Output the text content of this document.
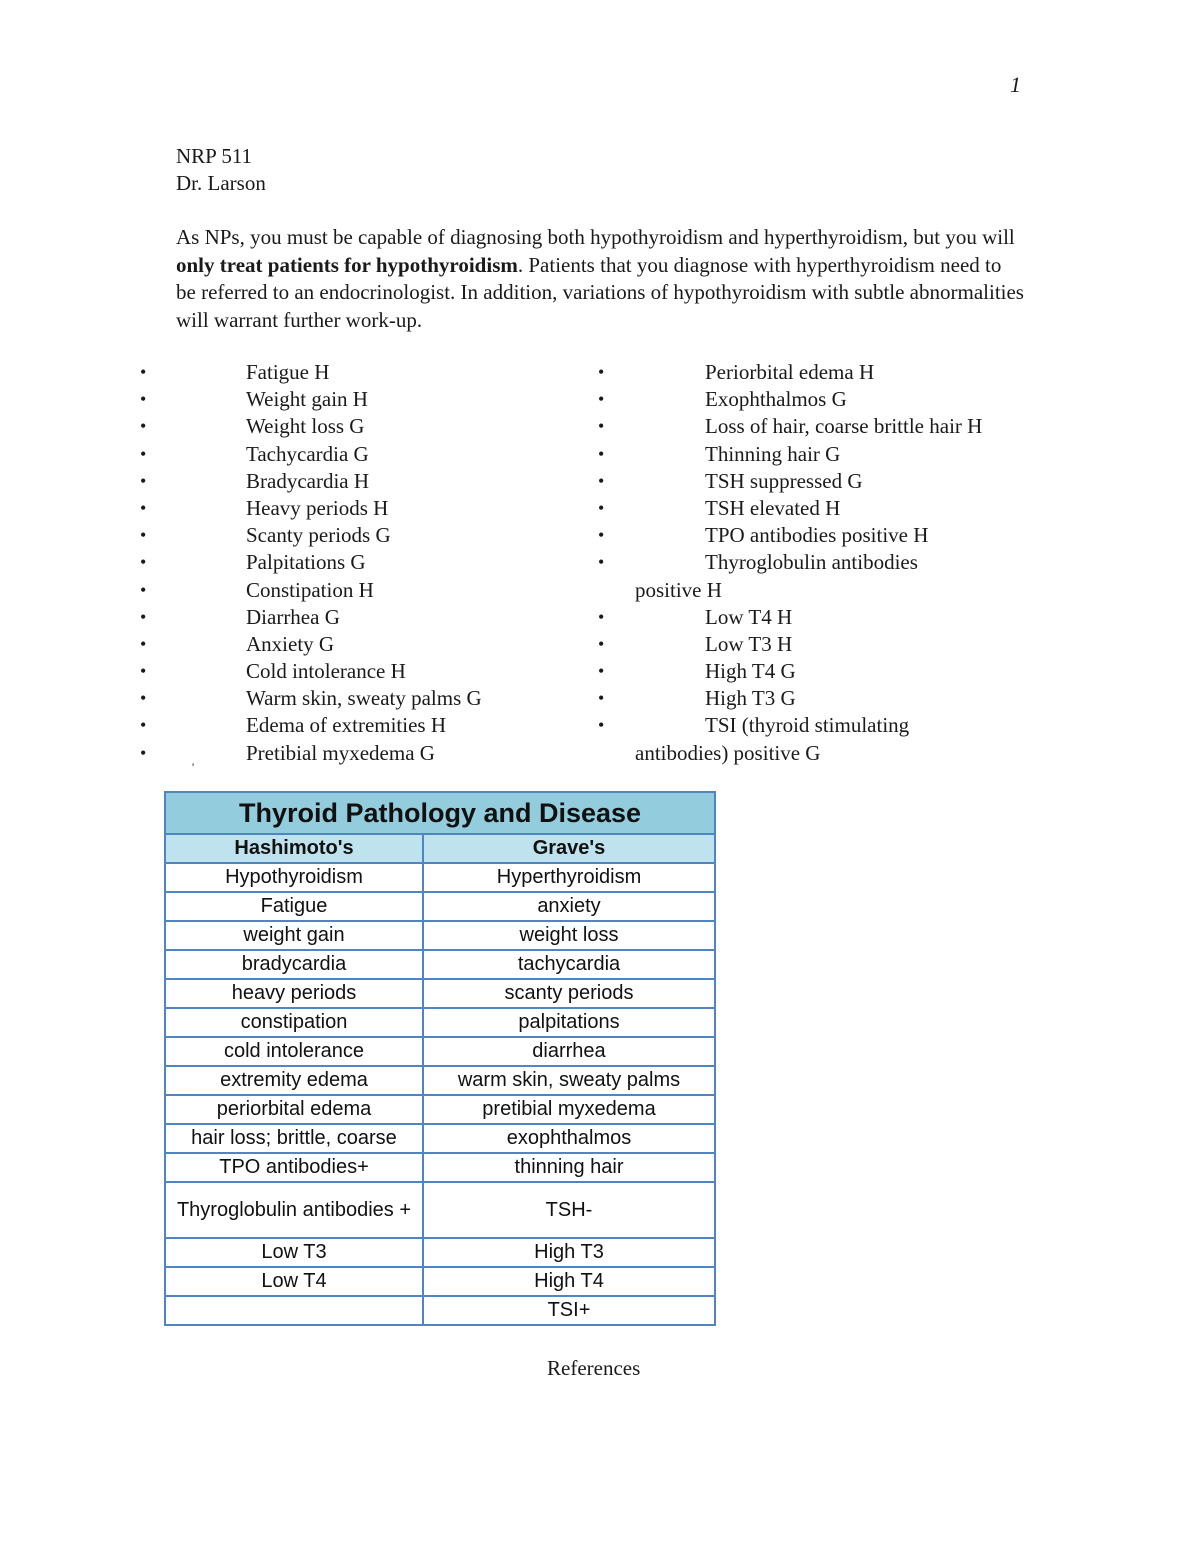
1
NRP 511
Dr. Larson
As NPs, you must be capable of diagnosing both hypothyroidism and hyperthyroidism, but you will only treat patients for hypothyroidism. Patients that you diagnose with hyperthyroidism need to be referred to an endocrinologist. In addition, variations of hypothyroidism with subtle abnormalities will warrant further work-up.
•	Fatigue H
•	Weight gain H
•	Weight loss G
•	Tachycardia G
•	Bradycardia H
•	Heavy periods H
•	Scanty periods G
•	Palpitations G
•	Constipation H
•	Diarrhea G
•	Anxiety G
•	Cold intolerance H
•	Warm skin, sweaty palms G
•	Edema of extremities H
•	Pretibial myxedema G
•	Periorbital edema H
•	Exophthalmos G
•	Loss of hair, coarse brittle hair H
•	Thinning hair G
•	TSH suppressed G
•	TSH elevated H
•	TPO antibodies positive H
•	Thyroglobulin antibodies
positive H
•	Low T4 H
•	Low T3 H
•	High T4 G
•	High T3 G
•	TSI (thyroid stimulating
antibodies) positive G
'
Thyroid Pathology and Disease	
Hashimoto's	Grave's
Hypothyroidism	Hyperthyroidism
Fatigue	anxiety
weight gain	weight loss
bradycardia	tachycardia
heavy periods	scanty periods
constipation	palpitations
cold intolerance	diarrhea
extremity edema	warm skin, sweaty palms
periorbital edema	pretibial myxedema
hair loss; brittle, coarse	exophthalmos
TPO antibodies+	thinning hair
Thyroglobulin antibodies +	TSH-
Low T3	High T3
Low T4	High T4
	TSI+
References
